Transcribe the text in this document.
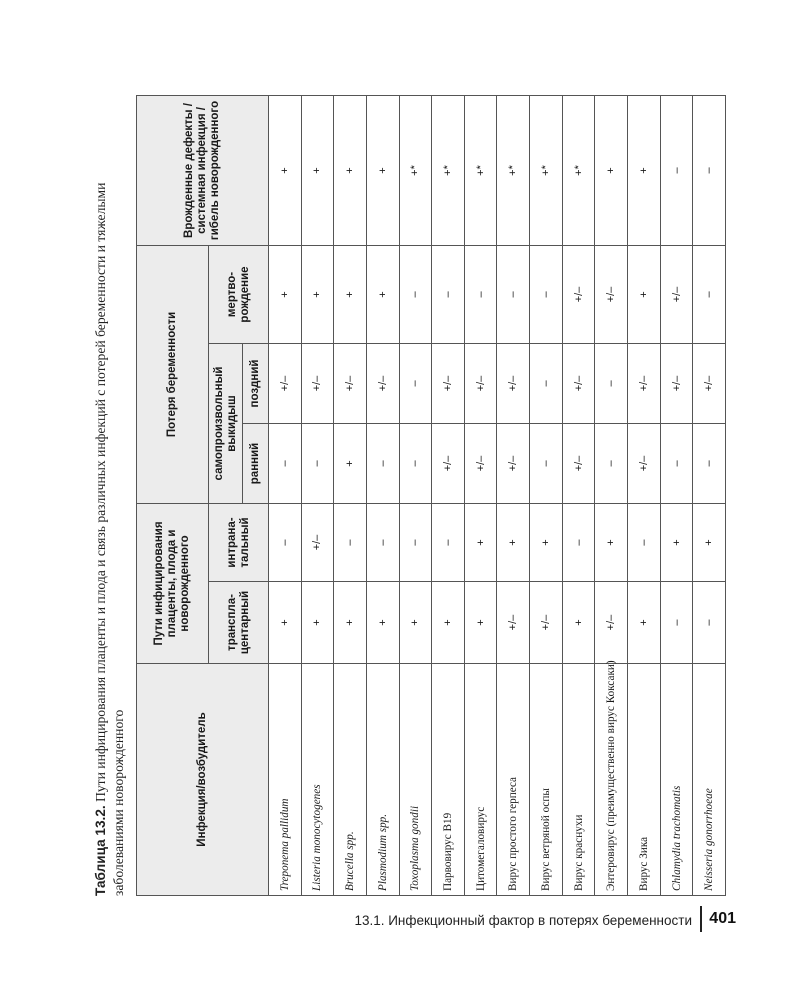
Таблица 13.2. Пути инфицирования плаценты и плода и связь различных инфекций с потерей беременности и тяжелыми заболеваниями новорожденного	Инфекция/возбудитель	Пути инфицирования плаценты, плода и новорожденного		Потеря беременности			Врожденные дефекты / системная инфекция / гибель новорожденного
	транспла-центарный	интрана-тальный	самопроизвольный выкидыш		мертво-рождение	
			ранний	поздний		
Treponema pallidum	+	–	–	+/–	+	+
Listeria monocytogenes	+	+/–	–	+/–	+	+
Brucella spp.	+	–	+	+/–	+	+
Plasmodium spp.	+	–	–	+/–	+	+
Toxoplasma gondii	+	–	–	–	–	+*
Парвовирус В19	+	–	+/–	+/–	–	+*
Цитомегаловирус	+	+	+/–	+/–	–	+*
Вирус простого герпеса	+/–	+	+/–	+/–	–	+*
Вирус ветряной оспы	+/–	+	–	–	–	+*
Вирус краснухи	+	–	+/–	+/–	+/–	+*
Энтеровирус (преимущественно вирус Коксаки)	+/–	+	–	–	+/–	+
Вирус Зика	+	–	+/–	+/–	+	+
Chlamydia trachomatis	–	+	–	+/–	+/–	–
Neisseria gonorrhoeae	–	+	–	+/–	–	–
13.1. Инфекционный фактор в потерях беременности 401
